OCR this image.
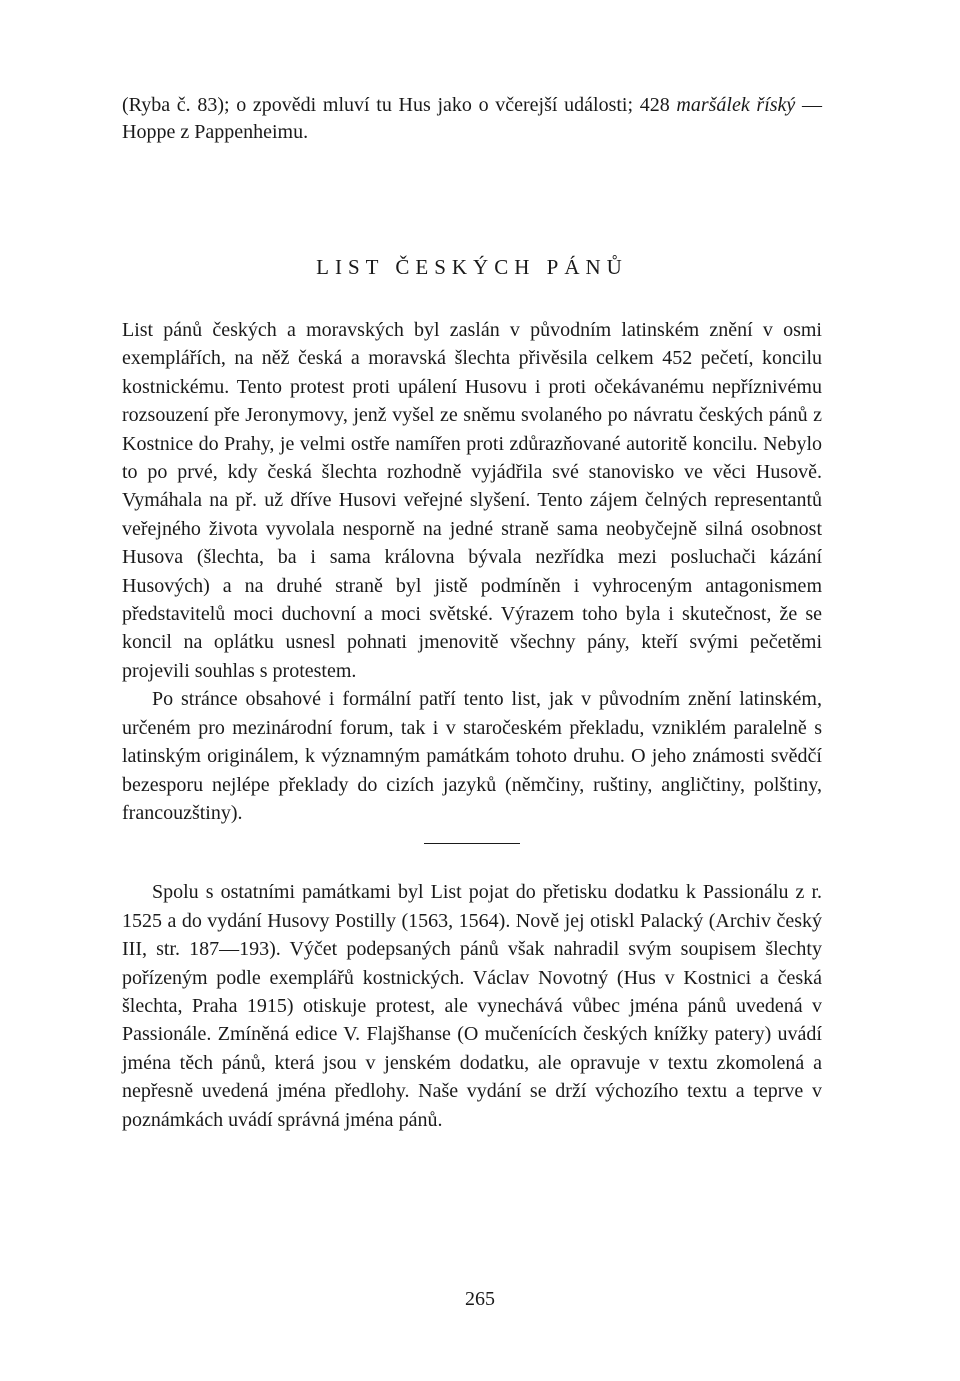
(Ryba č. 83); o zpovědi mluví tu Hus jako o včerejší události; 428 maršálek říský — Hoppe z Pappenheimu.

LIST ČESKÝCH PÁNŮ

List pánů českých a moravských byl zaslán v původním latinském znění v osmi exemplářích, na něž česká a moravská šlechta přivěsila celkem 452 pečetí, koncilu kostnickému. Tento protest proti upálení Husovu i proti očekávanému nepříznivému rozsouzení pře Jeronymovy, jenž vyšel ze sněmu svolaného po návratu českých pánů z Kostnice do Prahy, je velmi ostře namířen proti zdůrazňované autoritě koncilu. Nebylo to po prvé, kdy česká šlechta rozhodně vyjádřila své stanovisko ve věci Husově. Vymáhala na př. už dříve Husovi veřejné slyšení. Tento zájem čelných representantů veřejného života vyvolala nesporně na jedné straně sama neobyčejně silná osobnost Husova (šlechta, ba i sama královna bývala nezřídka mezi posluchači kázání Husových) a na druhé straně byl jistě podmíněn i vyhroceným antagonismem představitelů moci duchovní a moci světské. Výrazem toho byla i skutečnost, že se koncil na oplátku usnesl pohnati jmenovitě všechny pány, kteří svými pečetěmi projevili souhlas s protestem.

Po stránce obsahové i formální patří tento list, jak v původním znění latinském, určeném pro mezinárodní forum, tak i v staročeském překladu, vzniklém paralelně s latinským originálem, k významným památkám tohoto druhu. O jeho známosti svědčí bezesporu nejlépe překlady do cizích jazyků (němčiny, ruštiny, angličtiny, polštiny, francouzštiny).

Spolu s ostatními památkami byl List pojat do přetisku dodatku k Passionálu z r. 1525 a do vydání Husovy Postilly (1563, 1564). Nově jej otiskl Palacký (Archiv český III, str. 187—193). Výčet podepsaných pánů však nahradil svým soupisem šlechty pořízeným podle exemplářů kostnických. Václav Novotný (Hus v Kostnici a česká šlechta, Praha 1915) otiskuje protest, ale vynechává vůbec jména pánů uvedená v Passionále. Zmíněná edice V. Flajšhanse (O mučenících českých knížky patery) uvádí jména těch pánů, která jsou v jenském dodatku, ale opravuje v textu zkomolená a nepřesně uvedená jména předlohy. Naše vydání se drží výchozího textu a teprve v poznámkách uvádí správná jména pánů.

265
